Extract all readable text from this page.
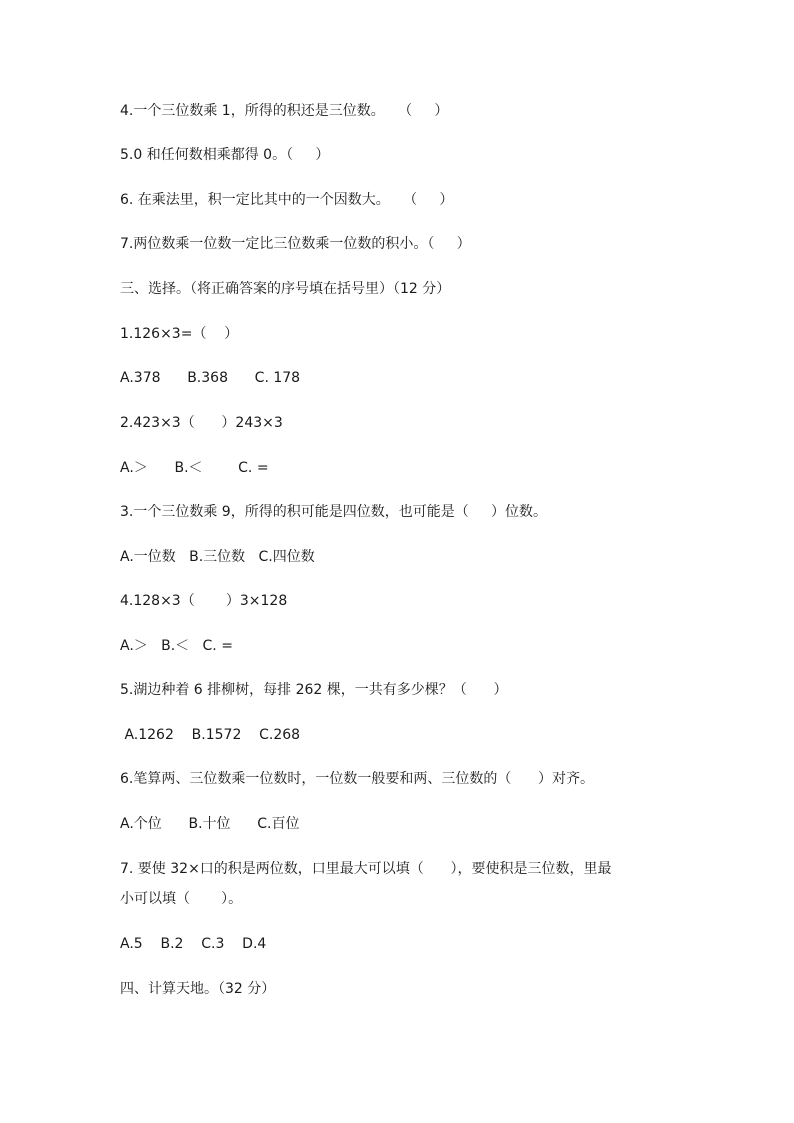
4.一个三位数乘 1，所得的积还是三位数。   （     ）
5.0 和任何数相乘都得 0。（     ）
6. 在乘法里，积一定比其中的一个因数大。   （     ）
7.两位数乘一位数一定比三位数乘一位数的积小。（     ）
三、选择。（将正确答案的序号填在括号里）（12 分）
1.126×3=（    ）
A.378      B.368      C. 178
2.423×3（      ）243×3
A.＞      B.＜        C. =
3.一个三位数乘 9，所得的积可能是四位数，也可能是（     ）位数。
A.一位数   B.三位数   C.四位数
4.128×3（       ）3×128
A.＞   B.＜   C. =
5.湖边种着 6 排柳树，每排 262 棵，一共有多少棵？（      ）
A.1262    B.1572    C.268
6.笔算两、三位数乘一位数时，一位数一般要和两、三位数的（      ）对齐。
A.个位      B.十位      C.百位
7. 要使 32×口的积是两位数，口里最大可以填（      ），要使积是三位数，里最
小可以填（       ）。
A.5    B.2    C.3    D.4
四、计算天地。（32 分）
